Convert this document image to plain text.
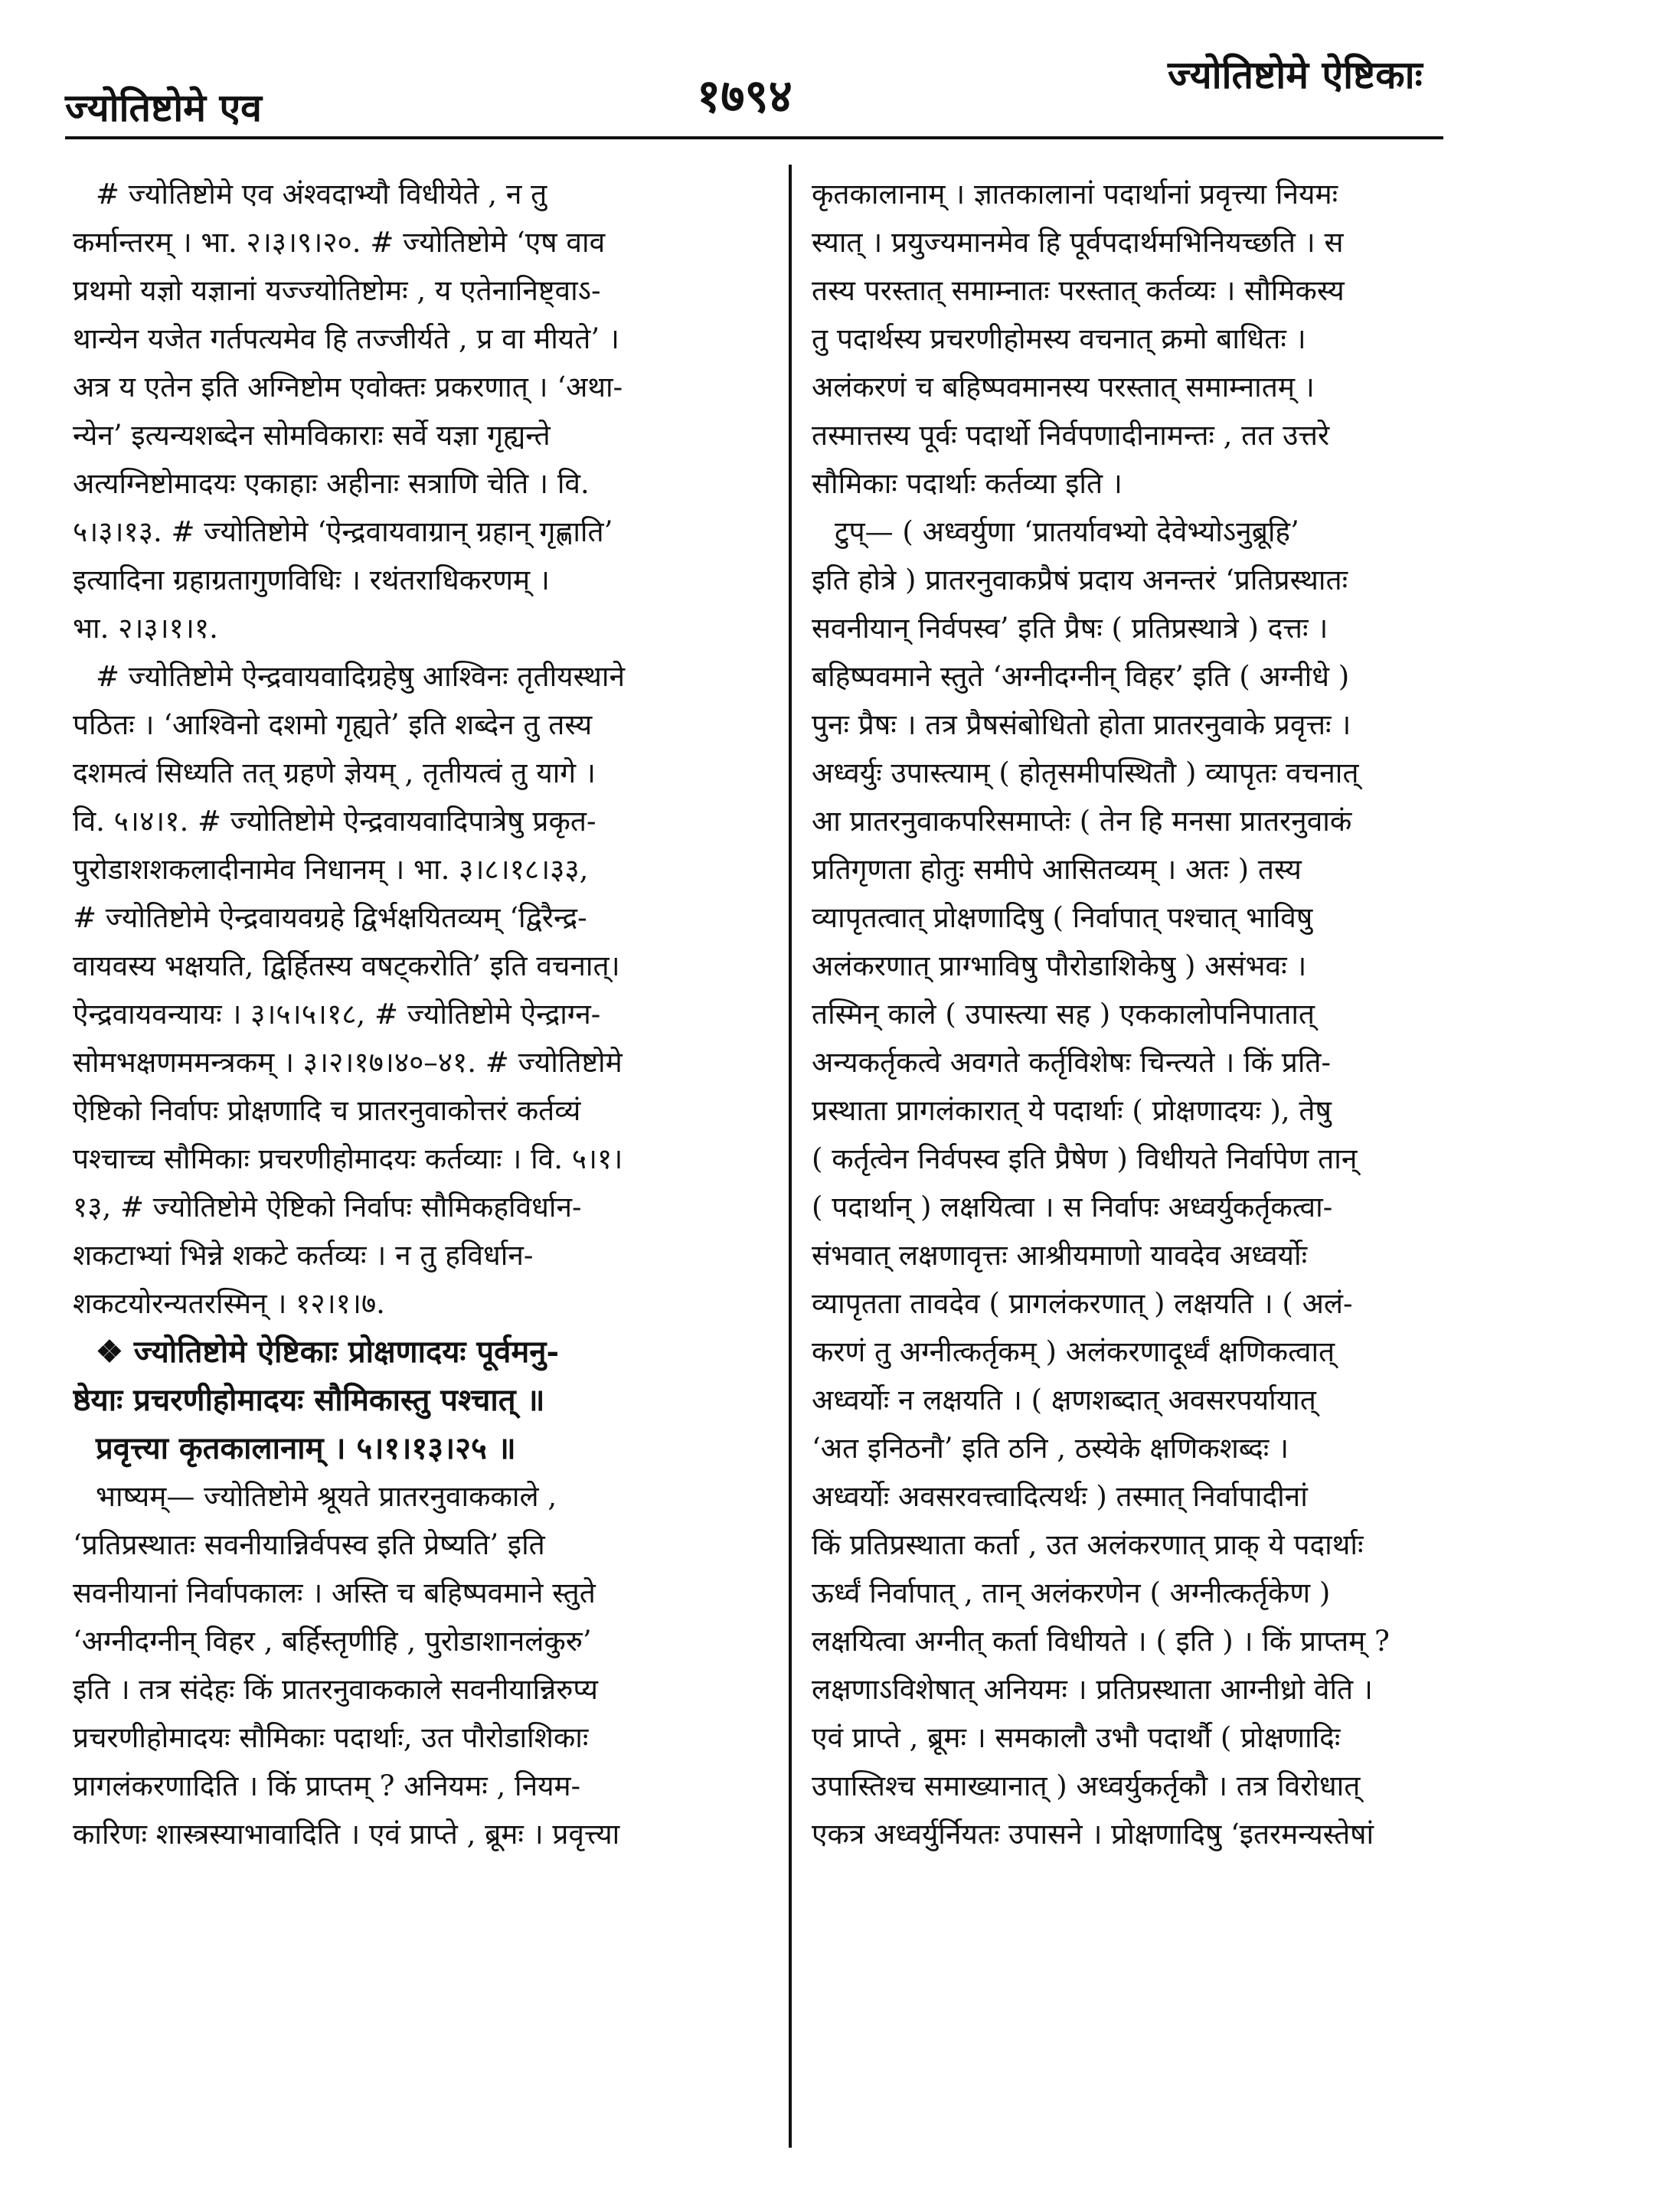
ज्योतिष्टोमे एव	१७९४	ज्योतिष्टोमे ऐष्टिकाः
# ज्योतिष्टोमे एव अंश्वदाभ्यौ विधीयेते , न तु
कर्मान्तरम् । भा. २।३।९।२०. # ज्योतिष्टोमे ‘एष वाव
प्रथमो यज्ञो यज्ञानां यज्ज्योतिष्टोमः , य एतेनानिष्ट्वाऽ-
थान्येन यजेत गर्तपत्यमेव हि तज्जीर्यते , प्र वा मीयते’ ।
अत्र य एतेन इति अग्निष्टोम एवोक्तः प्रकरणात् । ‘अथा-
न्येन’ इत्यन्यशब्देन सोमविकाराः सर्वे यज्ञा गृह्यन्ते
अत्यग्निष्टोमादयः एकाहाः अहीनाः सत्राणि चेति । वि.
५।३।१३. # ज्योतिष्टोमे ‘ऐन्द्रवायवाग्रान् ग्रहान् गृह्णाति’
इत्यादिना ग्रहाग्रतागुणविधिः । रथंतराधिकरणम् ।
भा. २।३।१।१.
# ज्योतिष्टोमे ऐन्द्रवायवादिग्रहेषु आश्विनः तृतीयस्थाने
पठितः । ‘आश्विनो दशमो गृह्यते’ इति शब्देन तु तस्य
दशमत्वं सिध्यति तत् ग्रहणे ज्ञेयम् , तृतीयत्वं तु यागे ।
वि. ५।४।१. # ज्योतिष्टोमे ऐन्द्रवायवादिपात्रेषु प्रकृत-
पुरोडाशशकलादीनामेव निधानम् । भा. ३।८।१८।३३,
# ज्योतिष्टोमे ऐन्द्रवायवग्रहे द्विर्भक्षयितव्यम् ‘द्विरैन्द्र-
वायवस्य भक्षयति, द्विर्हितस्य वषट्करोति’ इति वचनात्।
ऐन्द्रवायवन्यायः । ३।५।५।१८, # ज्योतिष्टोमे ऐन्द्राग्न-
सोमभक्षणममन्त्रकम् । ३।२।१७।४०–४१. # ज्योतिष्टोमे
ऐष्टिको निर्वापः प्रोक्षणादि च प्रातरनुवाकोत्तरं कर्तव्यं
पश्चाच्च सौमिकाः प्रचरणीहोमादयः कर्तव्याः । वि. ५।१।
१३, # ज्योतिष्टोमे ऐष्टिको निर्वापः सौमिकहविर्धान-
शकटाभ्यां भिन्ने शकटे कर्तव्यः । न तु हविर्धान-
शकटयोरन्यतरस्मिन् । १२।१।७.
❖ ज्योतिष्टोमे ऐष्टिकाः प्रोक्षणादयः पूर्वमनु-
ष्ठेयाः प्रचरणीहोमादयः सौमिकास्तु पश्चात् ॥
प्रवृत्त्या कृतकालानाम् । ५।१।१३।२५ ॥
भाष्यम्— ज्योतिष्टोमे श्रूयते प्रातरनुवाककाले ,
‘प्रतिप्रस्थातः सवनीयान्निर्वपस्व इति प्रेष्यति’ इति
सवनीयानां निर्वापकालः । अस्ति च बहिष्पवमाने स्तुते
‘अग्नीदग्नीन् विहर , बर्हिस्तृणीहि , पुरोडाशानलंकुरु’
इति । तत्र संदेहः किं प्रातरनुवाककाले सवनीयान्निरुप्य
प्रचरणीहोमादयः सौमिकाः पदार्थाः, उत पौरोडाशिकाः
प्रागलंकरणादिति । किं प्राप्तम् ? अनियमः , नियम-
कारिणः शास्त्रस्याभावादिति । एवं प्राप्ते , ब्रूमः । प्रवृत्त्या
कृतकालानाम् । ज्ञातकालानां पदार्थानां प्रवृत्त्या नियमः
स्यात् । प्रयुज्यमानमेव हि पूर्वपदार्थमभिनियच्छति । स
तस्य परस्तात् समाम्नातः परस्तात् कर्तव्यः । सौमिकस्य
तु पदार्थस्य प्रचरणीहोमस्य वचनात् क्रमो बाधितः ।
अलंकरणं च बहिष्पवमानस्य परस्तात् समाम्नातम् ।
तस्मात्तस्य पूर्वः पदार्थो निर्वपणादीनामन्तः , तत उत्तरे
सौमिकाः पदार्थाः कर्तव्या इति ।
टुप्— ( अध्वर्युणा ‘प्रातर्यावभ्यो देवेभ्योऽनुब्रूहि’
इति होत्रे ) प्रातरनुवाकप्रैषं प्रदाय अनन्तरं ‘प्रतिप्रस्थातः
सवनीयान् निर्वपस्व’ इति प्रैषः ( प्रतिप्रस्थात्रे ) दत्तः ।
बहिष्पवमाने स्तुते ‘अग्नीदग्नीन् विहर’ इति ( अग्नीधे )
पुनः प्रैषः । तत्र प्रैषसंबोधितो होता प्रातरनुवाके प्रवृत्तः ।
अध्वर्युः उपास्त्याम् ( होतृसमीपस्थितौ ) व्यापृतः वचनात्
आ प्रातरनुवाकपरिसमाप्तेः ( तेन हि मनसा प्रातरनुवाकं
प्रतिगृणता होतुः समीपे आसितव्यम् । अतः ) तस्य
व्यापृतत्वात् प्रोक्षणादिषु ( निर्वापात् पश्चात् भाविषु
अलंकरणात् प्राग्भाविषु पौरोडाशिकेषु ) असंभवः ।
तस्मिन् काले ( उपास्त्या सह ) एककालोपनिपातात्
अन्यकर्तृकत्वे अवगते कर्तृविशेषः चिन्त्यते । किं प्रति-
प्रस्थाता प्रागलंकारात् ये पदार्थाः ( प्रोक्षणादयः ), तेषु
( कर्तृत्वेन निर्वपस्व इति प्रैषेण ) विधीयते निर्वापेण तान्
( पदार्थान् ) लक्षयित्वा । स निर्वापः अध्वर्युकर्तृकत्वा-
संभवात् लक्षणावृत्तः आश्रीयमाणो यावदेव अध्वर्योः
व्यापृतता तावदेव ( प्रागलंकरणात् ) लक्षयति । ( अलं-
करणं तु अग्नीत्कर्तृकम् ) अलंकरणादूर्ध्वं क्षणिकत्वात्
अध्वर्योः न लक्षयति । ( क्षणशब्दात् अवसरपर्यायात्
‘अत इनिठनौ’ इति ठनि , ठस्येके क्षणिकशब्दः ।
अध्वर्योः अवसरवत्त्वादित्यर्थः ) तस्मात् निर्वापादीनां
किं प्रतिप्रस्थाता कर्ता , उत अलंकरणात् प्राक् ये पदार्थाः
ऊर्ध्वं निर्वापात् , तान् अलंकरणेन ( अग्नीत्कर्तृकेण )
लक्षयित्वा अग्नीत् कर्ता विधीयते । ( इति ) । किं प्राप्तम् ?
लक्षणाऽविशेषात् अनियमः । प्रतिप्रस्थाता आग्नीध्रो वेति ।
एवं प्राप्ते , ब्रूमः । समकालौ उभौ पदार्थौ ( प्रोक्षणादिः
उपास्तिश्च समाख्यानात् ) अध्वर्युकर्तृकौ । तत्र विरोधात्
एकत्र अध्वर्युर्नियतः उपासने । प्रोक्षणादिषु ‘इतरमन्यस्तेषां
